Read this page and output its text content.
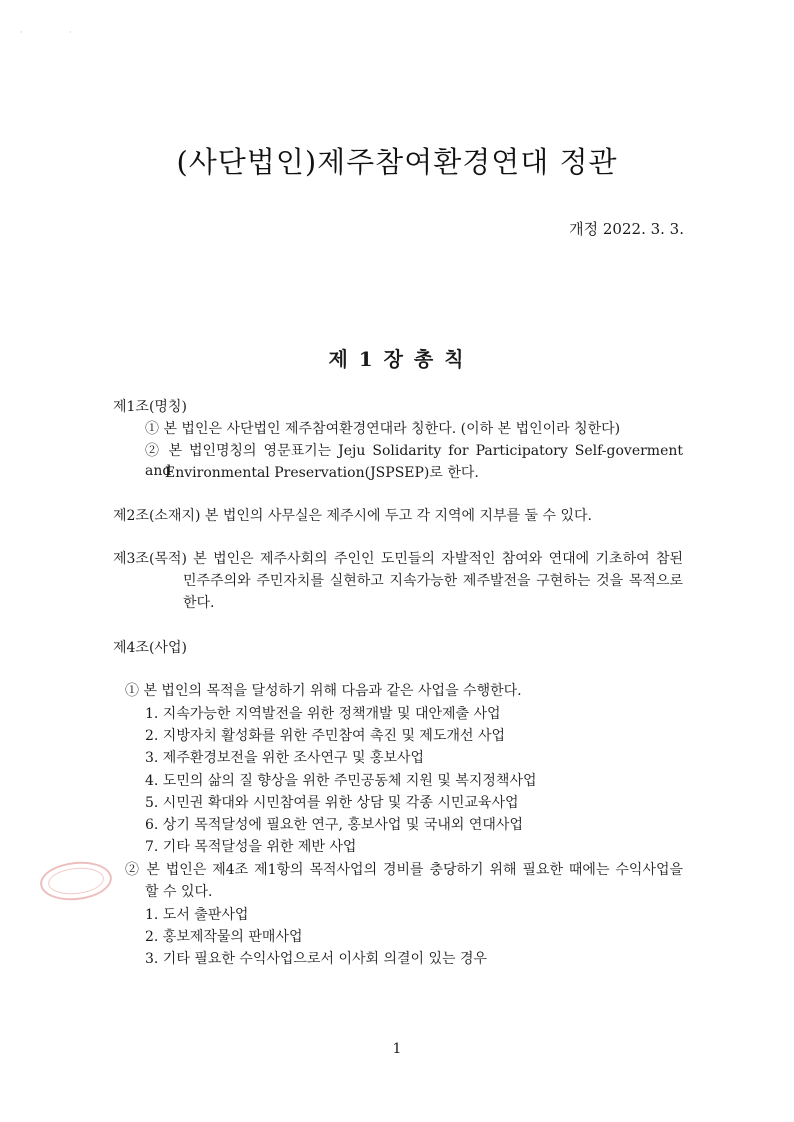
· ·
(사단법인)제주참여환경연대 정관
개정 2022. 3. 3.
제 1 장 총 칙
제1조(명칭)
① 본 법인은 사단법인 제주참여환경연대라 칭한다. (이하 본 법인이라 칭한다)
② 본 법인명칭의 영문표기는 Jeju Solidarity for Participatory Self-goverment and
Environmental Preservation(JSPSEP)로 한다.
제2조(소재지) 본 법인의 사무실은 제주시에 두고 각 지역에 지부를 둘 수 있다.
제3조(목적) 본 법인은 제주사회의 주인인 도민들의 자발적인 참여와 연대에 기초하여 참된
민주주의와 주민자치를 실현하고 지속가능한 제주발전을 구현하는 것을 목적으로
한다.
제4조(사업)
① 본 법인의 목적을 달성하기 위해 다음과 같은 사업을 수행한다.
1. 지속가능한 지역발전을 위한 정책개발 및 대안제출 사업
2. 지방자치 활성화를 위한 주민참여 촉진 및 제도개선 사업
3. 제주환경보전을 위한 조사연구 및 홍보사업
4. 도민의 삶의 질 향상을 위한 주민공동체 지원 및 복지정책사업
5. 시민권 확대와 시민참여를 위한 상담 및 각종 시민교육사업
6. 상기 목적달성에 필요한 연구, 홍보사업 및 국내외 연대사업
7. 기타 목적달성을 위한 제반 사업
② 본 법인은 제4조 제1항의 목적사업의 경비를 충당하기 위해 필요한 때에는 수익사업을
할 수 있다.
1. 도서 출판사업
2. 홍보제작물의 판매사업
3. 기타 필요한 수익사업으로서 이사회 의결이 있는 경우
1
